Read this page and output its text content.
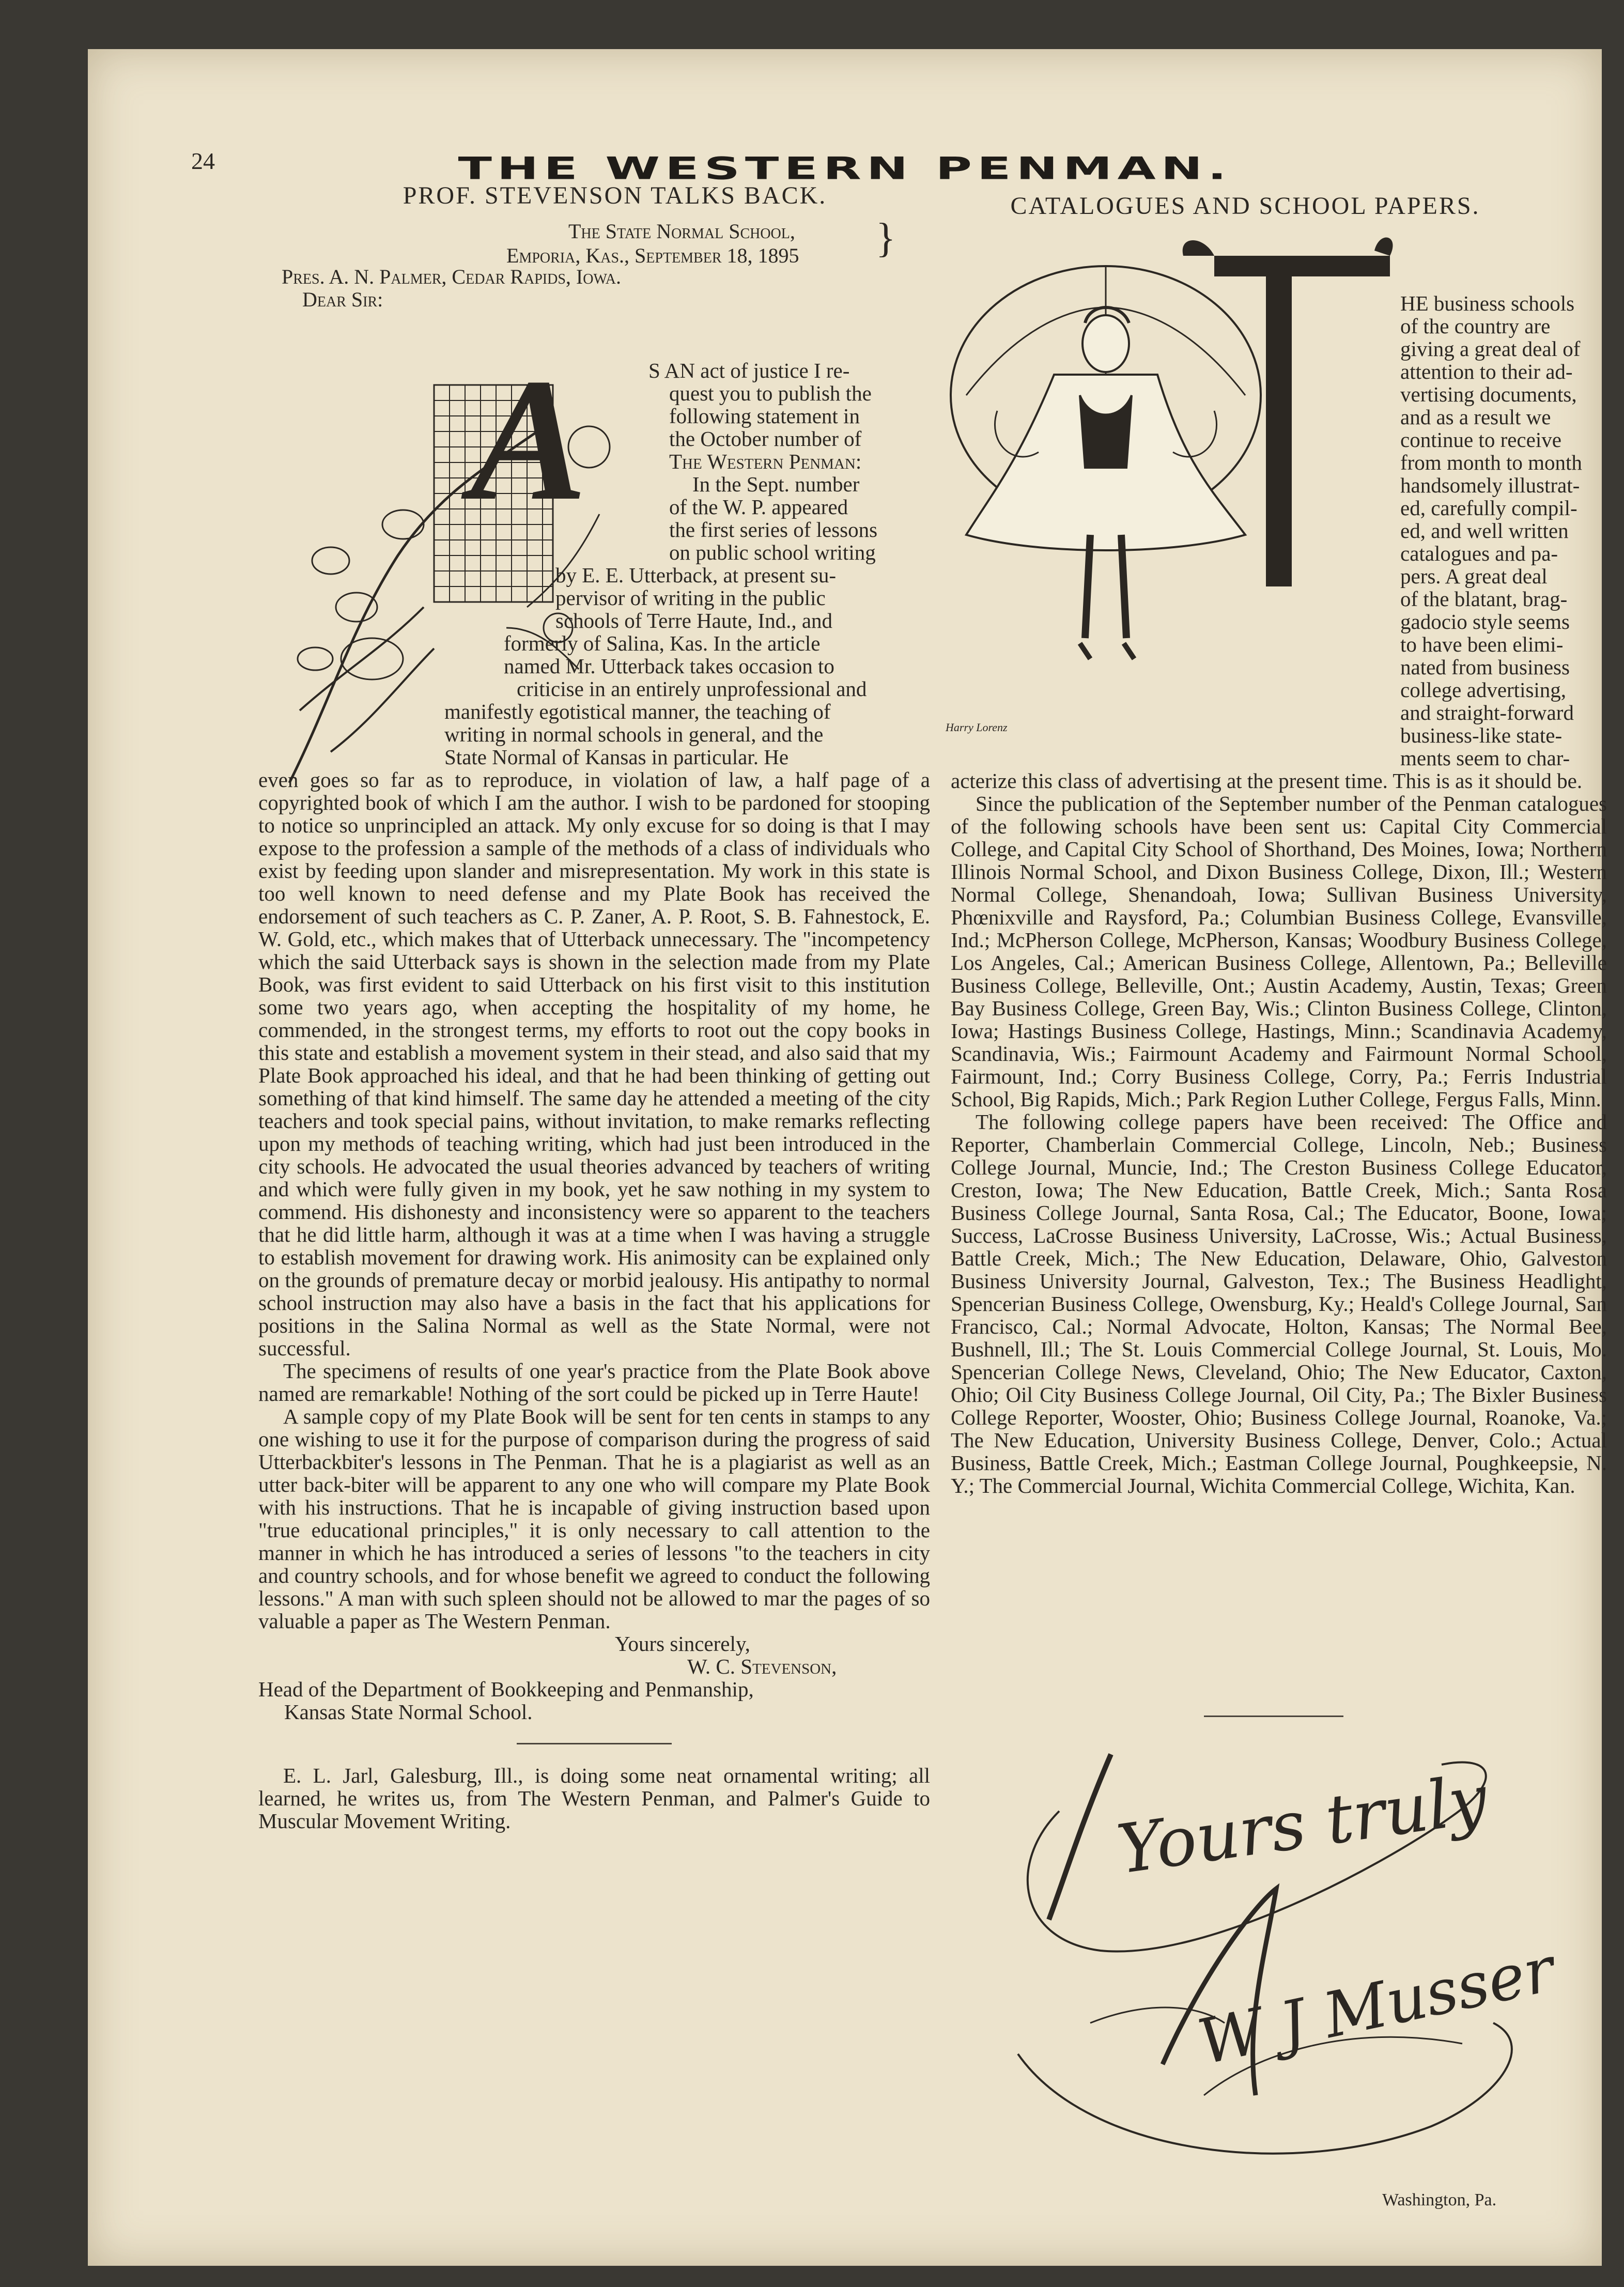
24	THE WESTERN PENMAN.
PROF. STEVENSON TALKS BACK.
The State Normal School,
Emporia, Kas., September 18, 1895 }
Pres. A. N. Palmer, Cedar Rapids, Iowa.
Dear Sir:
A	S AN act of justice I re-
quest you to publish the
following statement in
the October number of
The Western Penman:
In the Sept. number
of the W. P. appeared
the first series of lessons
on public school writing
by E. E. Utterback, at present su-
pervisor of writing in the public
schools of Terre Haute, Ind., and
formerly of Salina, Kas. In the article
named Mr. Utterback takes occasion to
criticise in an entirely unprofessional and
manifestly egotistical manner, the teaching of
writing in normal schools in general, and the
State Normal of Kansas in particular. He

even goes so far as to reproduce, in violation of law, a half page of a copyrighted book of which I am the author. I wish to be pardoned for stooping to notice so unprincipled an attack. My only excuse for so doing is that I may expose to the profession a sample of the methods of a class of individuals who exist by feeding upon slander and misrepresentation. My work in this state is too well known to need defense and my Plate Book has received the endorsement of such teachers as C. P. Zaner, A. P. Root, S. B. Fahnestock, E. W. Gold, etc., which makes that of Utterback unnecessary. The "incompetency which the said Utterback says is shown in the selection made from my Plate Book, was first evident to said Utterback on his first visit to this institution some two years ago, when accepting the hospitality of my home, he commended, in the strongest terms, my efforts to root out the copy books in this state and establish a movement system in their stead, and also said that my Plate Book approached his ideal, and that he had been thinking of getting out something of that kind himself. The same day he attended a meeting of the city teachers and took special pains, without invitation, to make remarks reflecting upon my methods of teaching writing, which had just been introduced in the city schools. He advocated the usual theories advanced by teachers of writing and which were fully given in my book, yet he saw nothing in my system to commend. His dishonesty and inconsistency were so apparent to the teachers that he did little harm, although it was at a time when I was having a struggle to establish movement for drawing work. His animosity can be explained only on the grounds of premature decay or morbid jealousy. His antipathy to normal school instruction may also have a basis in the fact that his applications for positions in the Salina Normal as well as the State Normal, were not successful.

The specimens of results of one year's practice from the Plate Book above named are remarkable! Nothing of the sort could be picked up in Terre Haute!

A sample copy of my Plate Book will be sent for ten cents in stamps to any one wishing to use it for the purpose of comparison during the progress of said Utterbackbiter's lessons in The Penman. That he is a plagiarist as well as an utter back-biter will be apparent to any one who will compare my Plate Book with his instructions. That he is incapable of giving instruction based upon "true educational principles," it is only necessary to call attention to the manner in which he has introduced a series of lessons "to the teachers in city and country schools, and for whose benefit we agreed to conduct the following lessons." A man with such spleen should not be allowed to mar the pages of so valuable a paper as The Western Penman.

Yours sincerely,

W. C. Stevenson,

Head of the Department of Bookkeeping and Penmanship,

Kansas State Normal School.

E. L. Jarl, Galesburg, Ill., is doing some neat ornamental writing; all learned, he writes us, from The Western Penman, and Palmer's Guide to Muscular Movement Writing.

CATALOGUES AND SCHOOL PAPERS.
Harry Lorenz
HE business schools
of the country are
giving a great deal of
attention to their ad-
vertising documents,
and as a result we
continue to receive
from month to month
handsomely illustrat-
ed, carefully compil-
ed, and well written
catalogues and pa-
pers. A great deal
of the blatant, brag-
gadocio style seems
to have been elimi-
nated from business
college advertising,
and straight-forward
business-like state-
ments seem to char-

acterize this class of advertising at the present time. This is as it should be.

Since the publication of the September number of the Penman catalogues of the following schools have been sent us: Capital City Commercial College, and Capital City School of Shorthand, Des Moines, Iowa; Northern Illinois Normal School, and Dixon Business College, Dixon, Ill.; Western Normal College, Shenandoah, Iowa; Sullivan Business University, Phœnixville and Raysford, Pa.; Columbian Business College, Evansville, Ind.; McPherson College, McPherson, Kansas; Woodbury Business College, Los Angeles, Cal.; American Business College, Allentown, Pa.; Belleville Business College, Belleville, Ont.; Austin Academy, Austin, Texas; Green Bay Business College, Green Bay, Wis.; Clinton Business College, Clinton, Iowa; Hastings Business College, Hastings, Minn.; Scandinavia Academy, Scandinavia, Wis.; Fairmount Academy and Fairmount Normal School, Fairmount, Ind.; Corry Business College, Corry, Pa.; Ferris Industrial School, Big Rapids, Mich.; Park Region Luther College, Fergus Falls, Minn.

The following college papers have been received: The Office and Reporter, Chamberlain Commercial College, Lincoln, Neb.; Business College Journal, Muncie, Ind.; The Creston Business College Educator, Creston, Iowa; The New Education, Battle Creek, Mich.; Santa Rosa Business College Journal, Santa Rosa, Cal.; The Educator, Boone, Iowa; Success, LaCrosse Business University, LaCrosse, Wis.; Actual Business, Battle Creek, Mich.; The New Education, Delaware, Ohio, Galveston Business University Journal, Galveston, Tex.; The Business Headlight, Spencerian Business College, Owensburg, Ky.; Heald's College Journal, San Francisco, Cal.; Normal Advocate, Holton, Kansas; The Normal Bee, Bushnell, Ill.; The St. Louis Commercial College Journal, St. Louis, Mo. Spencerian College News, Cleveland, Ohio; The New Educator, Caxton, Ohio; Oil City Business College Journal, Oil City, Pa.; The Bixler Business College Reporter, Wooster, Ohio; Business College Journal, Roanoke, Va.; The New Education, University Business College, Denver, Colo.; Actual Business, Battle Creek, Mich.; Eastman College Journal, Poughkeepsie, N. Y.; The Commercial Journal, Wichita Commercial College, Wichita, Kan.

Yours truly
W J Musser
Washington, Pa.
